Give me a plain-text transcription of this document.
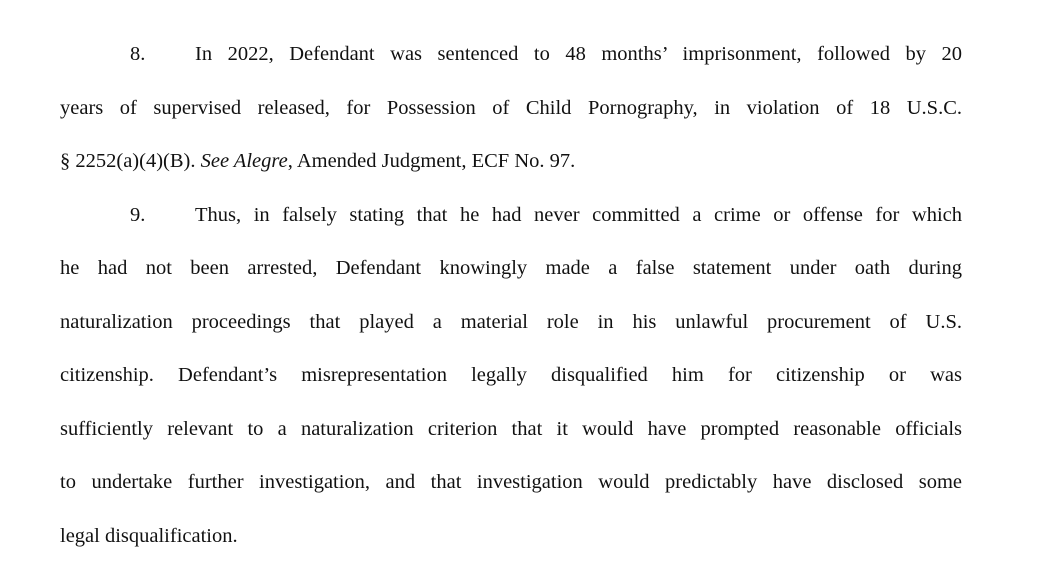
8. In 2022, Defendant was sentenced to 48 months’ imprisonment, followed by 20
years of supervised released, for Possession of Child Pornography, in violation of 18 U.S.C.
§ 2252(a)(4)(B). See Alegre, Amended Judgment, ECF No. 97.
9. Thus, in falsely stating that he had never committed a crime or offense for which
he had not been arrested, Defendant knowingly made a false statement under oath during
naturalization proceedings that played a material role in his unlawful procurement of U.S.
citizenship. Defendant’s misrepresentation legally disqualified him for citizenship or was
sufficiently relevant to a naturalization criterion that it would have prompted reasonable officials
to undertake further investigation, and that investigation would predictably have disclosed some
legal disqualification.
